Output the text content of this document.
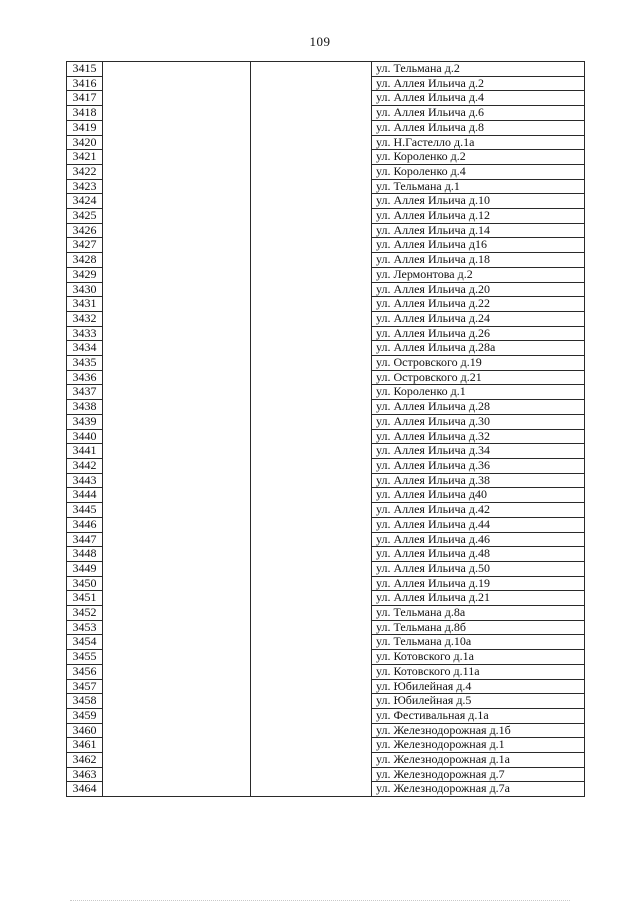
109
3415			ул. Тельмана д.2
3416			ул. Аллея Ильича д.2
3417			ул. Аллея Ильича д.4
3418			ул. Аллея Ильича д.6
3419			ул. Аллея Ильича д.8
3420			ул. Н.Гастелло д.1а
3421			ул. Короленко д.2
3422			ул. Короленко д.4
3423			ул. Тельмана д.1
3424			ул. Аллея Ильича д.10
3425			ул. Аллея Ильича д.12
3426			ул. Аллея Ильича д.14
3427			ул. Аллея Ильича д16
3428			ул. Аллея Ильича д.18
3429			ул. Лермонтова д.2
3430			ул. Аллея Ильича д.20
3431			ул. Аллея Ильича д.22
3432			ул. Аллея Ильича д.24
3433			ул. Аллея Ильича д.26
3434			ул. Аллея Ильича д.28а
3435			ул. Островского д.19
3436			ул. Островского д.21
3437			ул. Короленко д.1
3438			ул. Аллея Ильича д.28
3439			ул. Аллея Ильича д.30
3440			ул. Аллея Ильича д.32
3441			ул. Аллея Ильича д.34
3442			ул. Аллея Ильича д.36
3443			ул. Аллея Ильича д.38
3444			ул. Аллея Ильича д40
3445			ул. Аллея Ильича д.42
3446			ул. Аллея Ильича д.44
3447			ул. Аллея Ильича д.46
3448			ул. Аллея Ильича д.48
3449			ул. Аллея Ильича д.50
3450			ул. Аллея Ильича д.19
3451			ул. Аллея Ильича д.21
3452			ул. Тельмана д.8а
3453			ул. Тельмана д.8б
3454			ул. Тельмана д.10а
3455			ул. Котовского д.1а
3456			ул. Котовского д.11а
3457			ул. Юбилейная д.4
3458			ул. Юбилейная д.5
3459			ул. Фестивальная д.1а
3460			ул. Железнодорожная д.1б
3461			ул. Железнодорожная д.1
3462			ул. Железнодорожная д.1а
3463			ул. Железнодорожная д.7
3464			ул. Железнодорожная д.7а
